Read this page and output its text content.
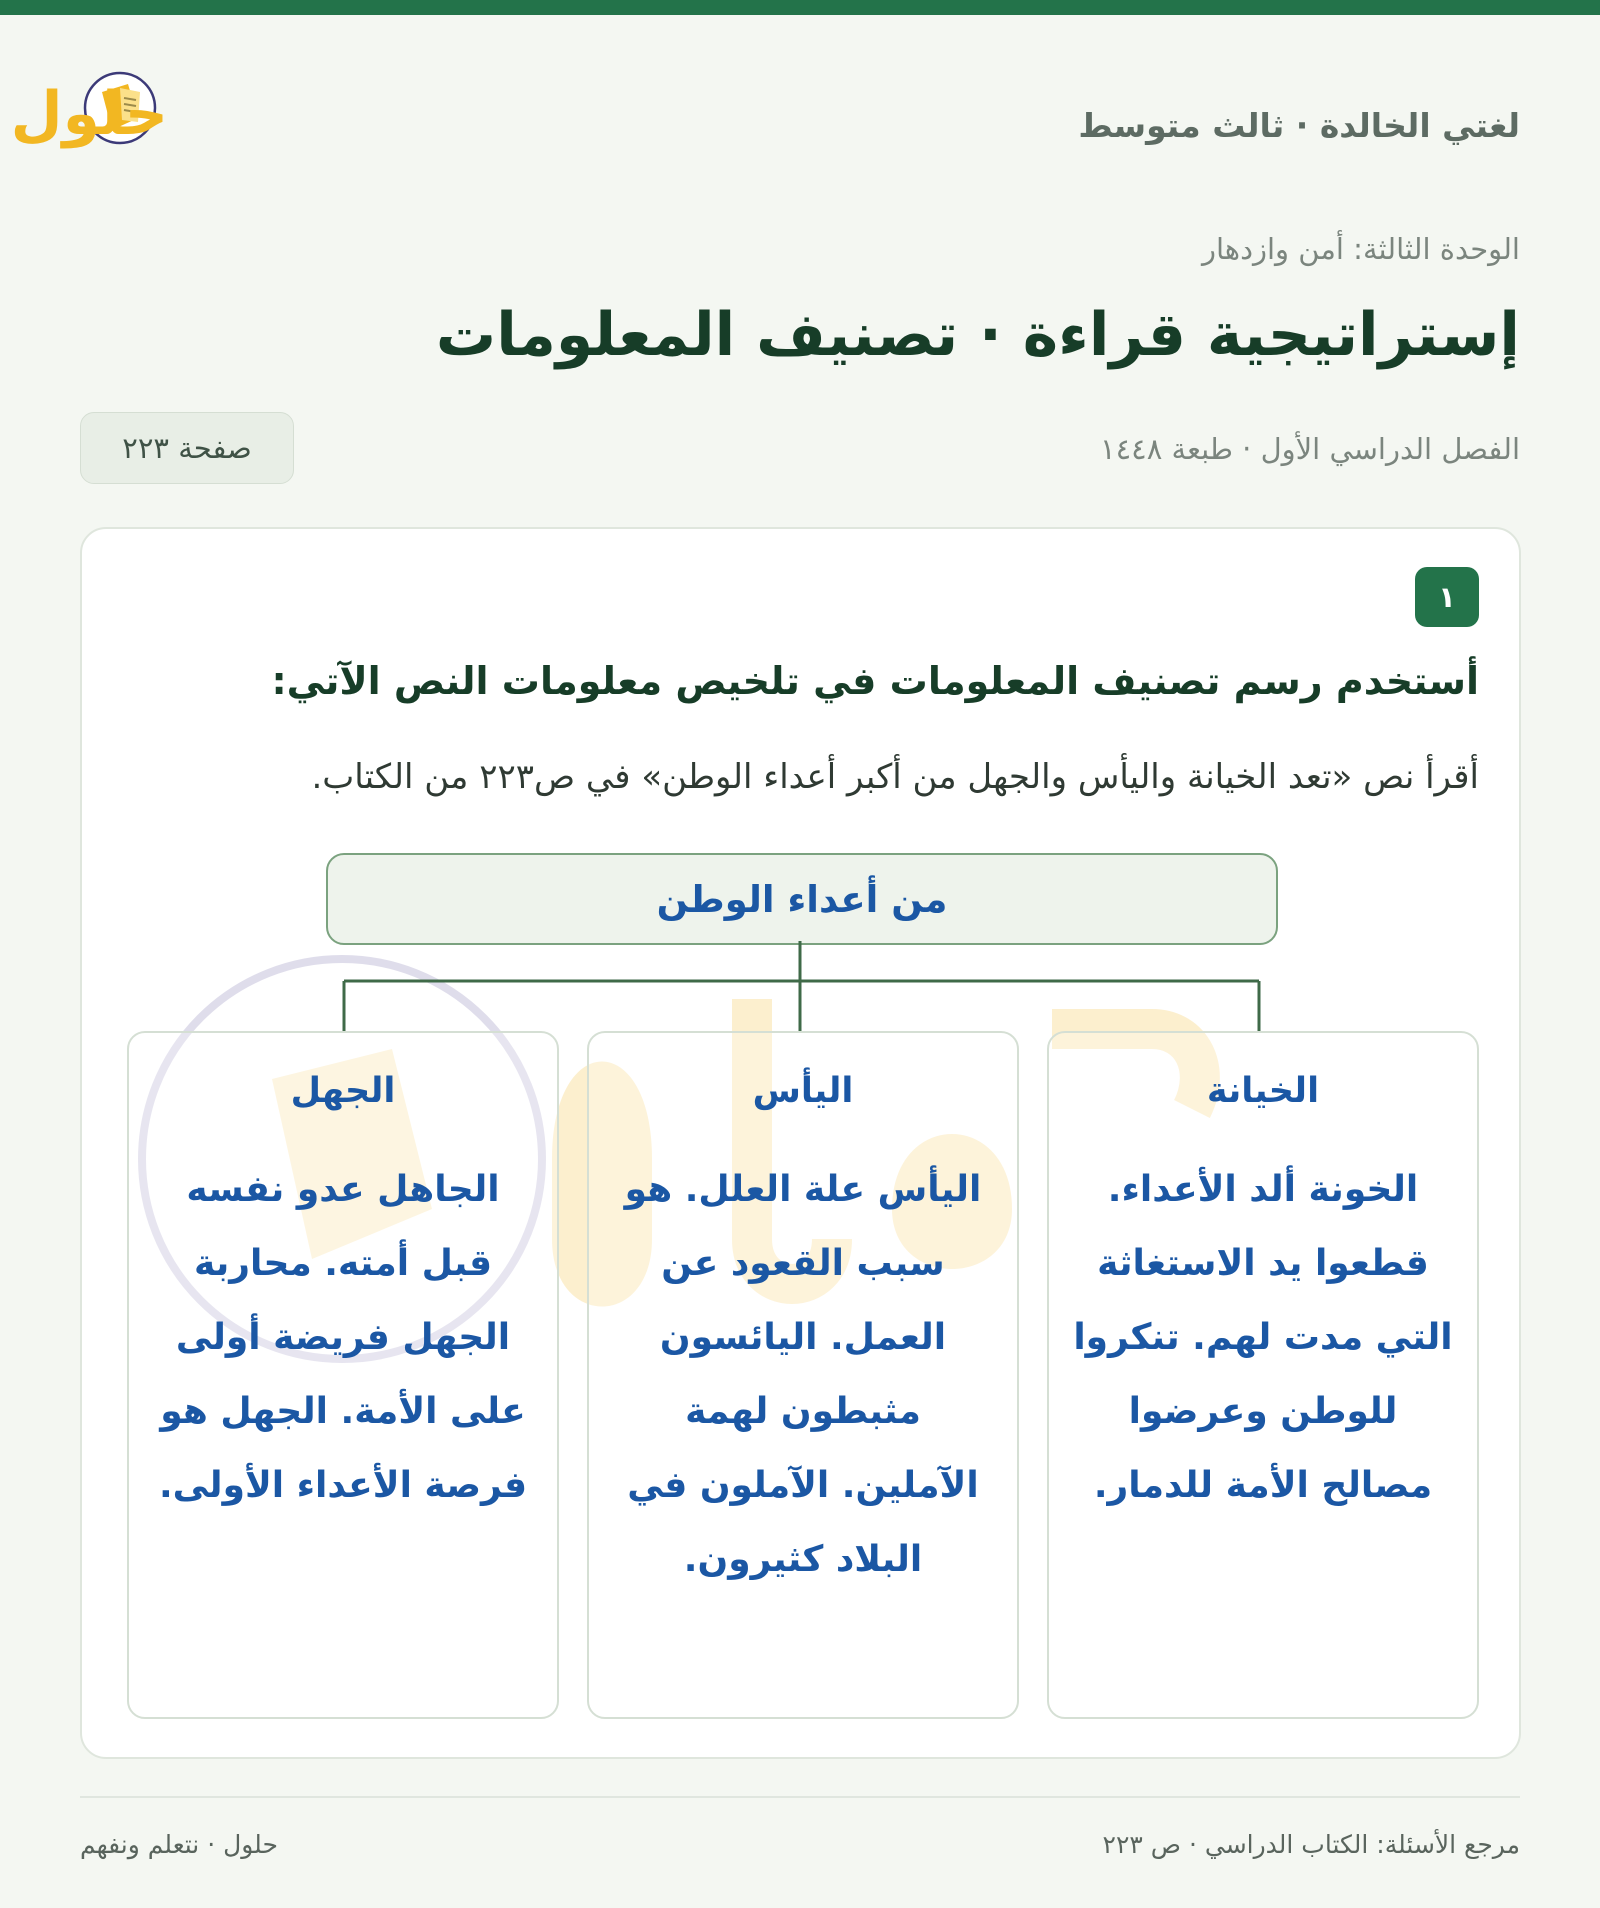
لغتي الخالدة · ثالث متوسط
حلول
الوحدة الثالثة: أمن وازدهار
إستراتيجية قراءة · تصنيف المعلومات
الفصل الدراسي الأول · طبعة ١٤٤٨
صفحة ٢٢٣
١
أستخدم رسم تصنيف المعلومات في تلخيص معلومات النص الآتي:
أقرأ نص «تعد الخيانة واليأس والجهل من أكبر أعداء الوطن» في ص٢٢٣ من الكتاب.
من أعداء الوطن
الخيانة
الخونة ألد الأعداء. قطعوا يد الاستغاثة التي مدت لهم. تنكروا للوطن وعرضوا مصالح الأمة للدمار.
اليأس
اليأس علة العلل. هو سبب القعود عن العمل. اليائسون مثبطون لهمة الآملين. الآملون في البلاد كثيرون.
الجهل
الجاهل عدو نفسه قبل أمته. محاربة الجهل فريضة أولى على الأمة. الجهل هو فرصة الأعداء الأولى.
مرجع الأسئلة: الكتاب الدراسي · ص ٢٢٣
حلول · نتعلم ونفهم
